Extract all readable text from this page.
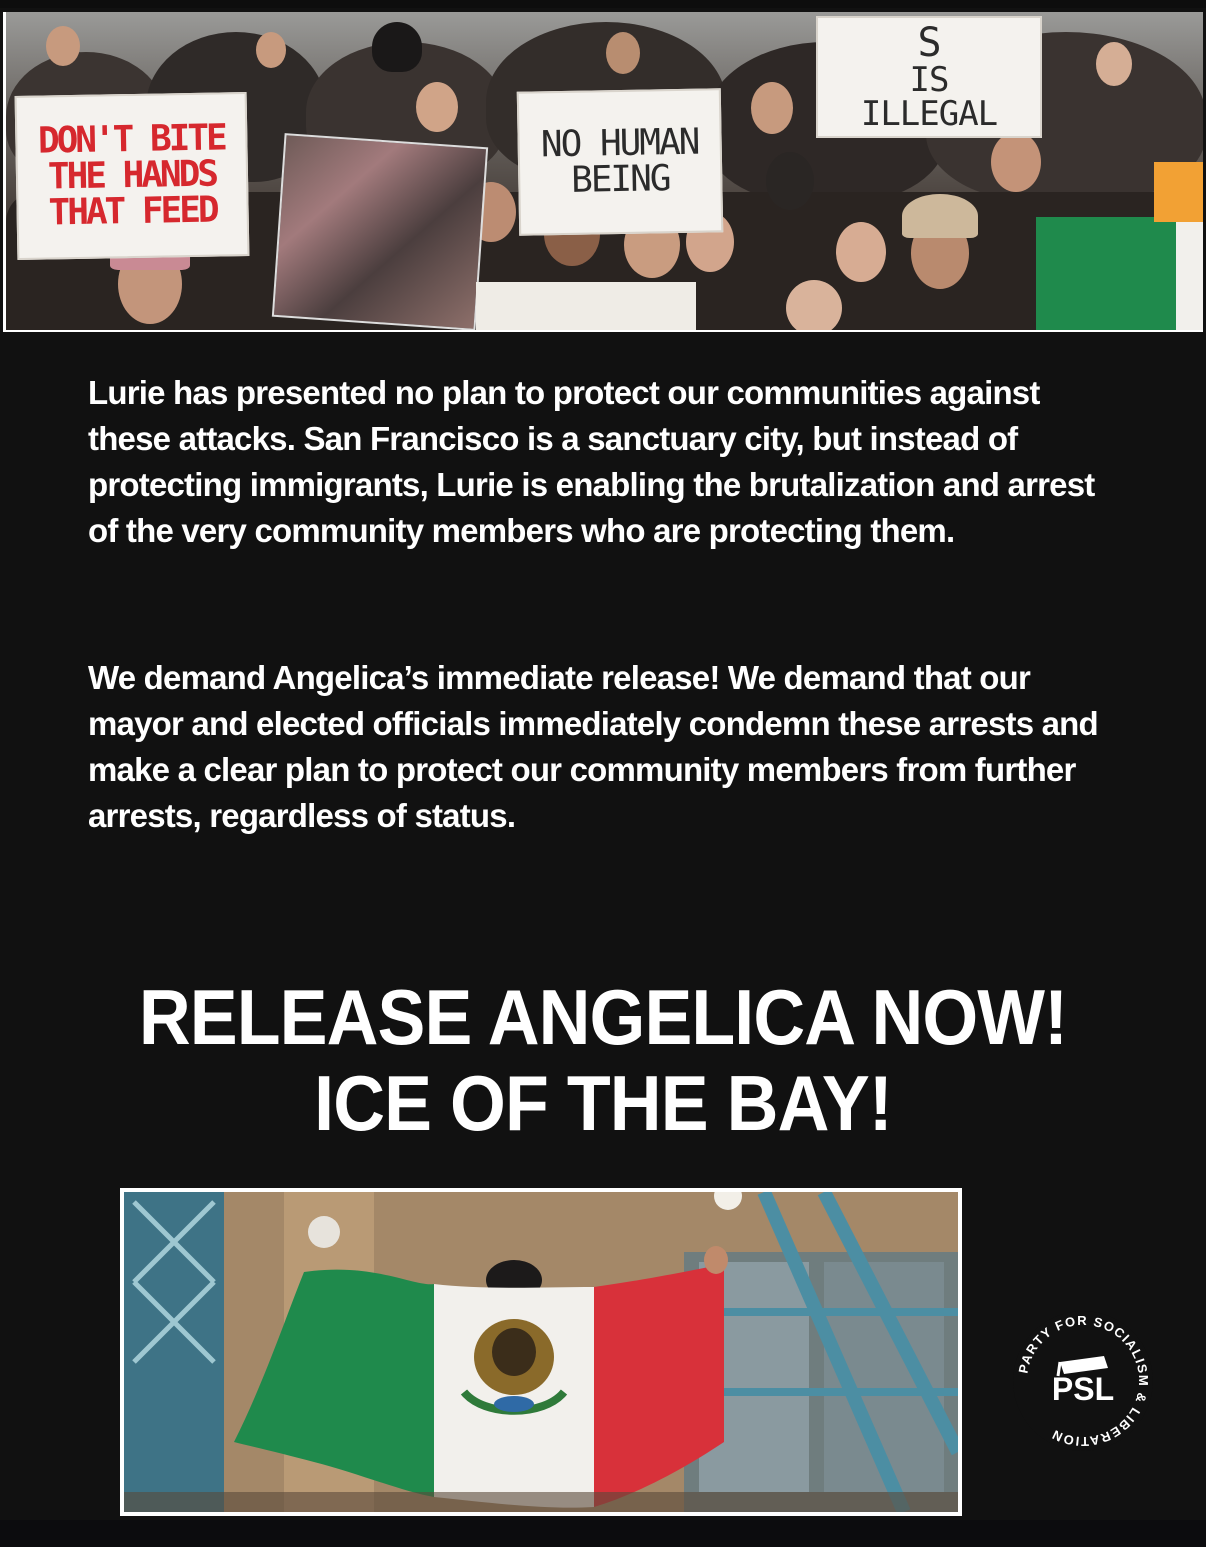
DON'T BITE
THE HANDS
THAT FEED
NO HUMAN
BEING
S
IS
ILLEGAL

Lurie has presented no plan to protect our communities against these attacks. San Francisco is a sanctuary city, but instead of protecting immigrants, Lurie is enabling the brutalization and arrest of the very community members who are protecting them.

We demand Angelica’s immediate release! We demand that our mayor and elected officials immediately condemn these arrests and make a clear plan to protect our community members from further arrests, regardless of status.

RELEASE ANGELICA NOW!

ICE OF THE BAY!

PARTY FOR SOCIALISM & LIBERATION
PSL
